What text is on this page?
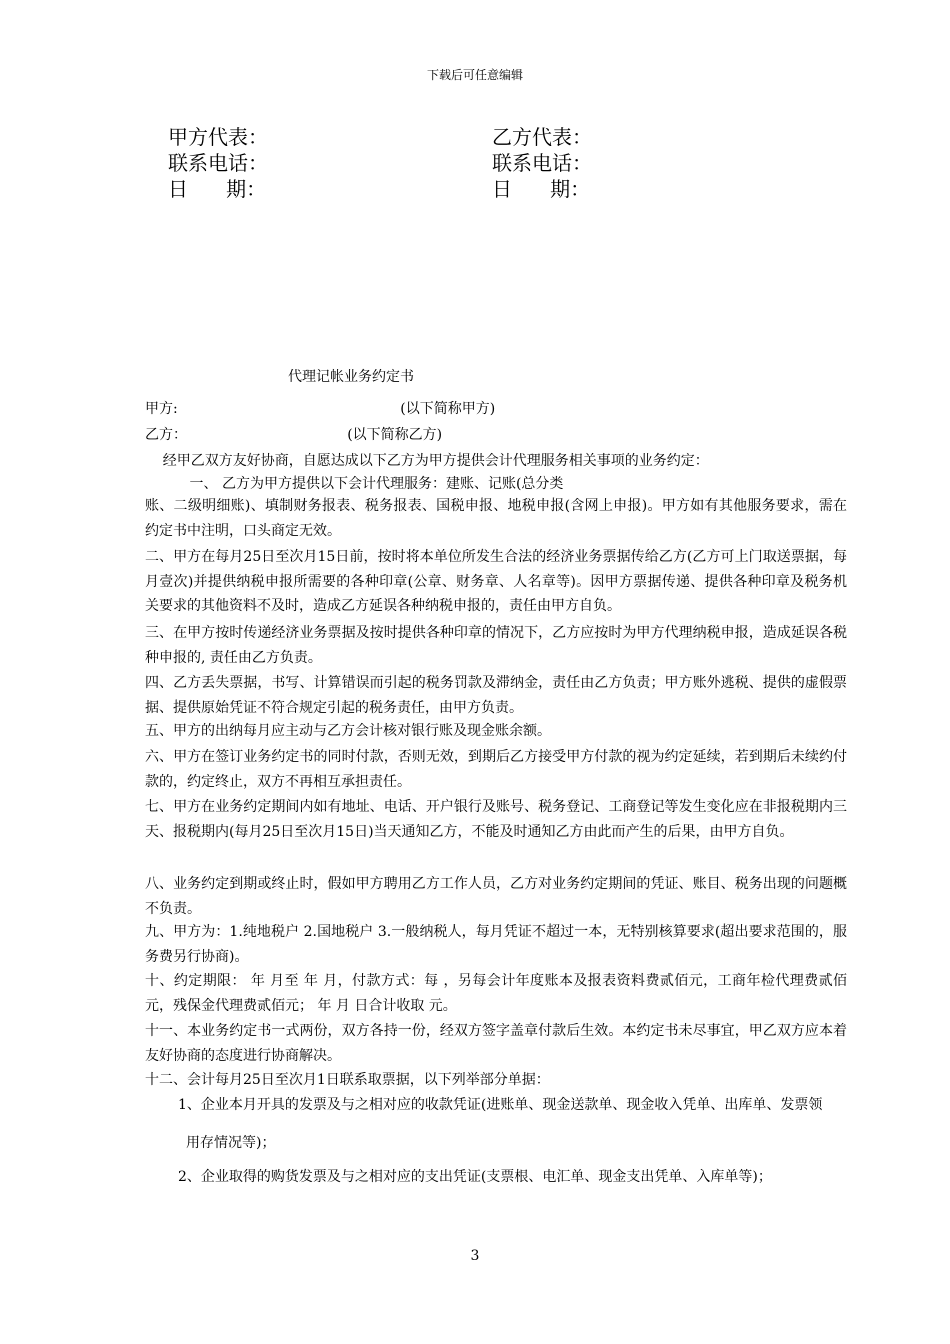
下载后可任意编辑
甲方代表：
联系电话：
日      期：
乙方代表：
联系电话：
日      期：
代理记帐业务约定书
甲方:                                                  (以下简称甲方)
乙方：                                    (以下简称乙方)
经甲乙双方友好协商，自愿达成以下乙方为甲方提供会计代理服务相关事项的业务约定：
一、 乙方为甲方提供以下会计代理服务：建账、记账(总分类
账、二级明细账)、填制财务报表、税务报表、国税申报、地税申报(含网上申报)。甲方如有其他服务要求，需在约定书中注明，口头商定无效。
二、甲方在每月25日至次月15日前，按时将本单位所发生合法的经济业务票据传给乙方(乙方可上门取送票据，每月壹次)并提供纳税申报所需要的各种印章(公章、财务章、人名章等)。因甲方票据传递、提供各种印章及税务机关要求的其他资料不及时，造成乙方延误各种纳税申报的，责任由甲方自负。
三、在甲方按时传递经济业务票据及按时提供各种印章的情况下，乙方应按时为甲方代理纳税申报，造成延误各税种申报的, 责任由乙方负责。
四、乙方丢失票据，书写、计算错误而引起的税务罚款及滞纳金，责任由乙方负责；甲方账外逃税、提供的虚假票据、提供原始凭证不符合规定引起的税务责任，由甲方负责。
五、甲方的出纳每月应主动与乙方会计核对银行账及现金账余额。
六、甲方在签订业务约定书的同时付款，否则无效，到期后乙方接受甲方付款的视为约定延续，若到期后未续约付款的，约定终止，双方不再相互承担责任。
七、甲方在业务约定期间内如有地址、电话、开户银行及账号、税务登记、工商登记等发生变化应在非报税期内三天、报税期内(每月25日至次月15日)当天通知乙方，不能及时通知乙方由此而产生的后果，由甲方自负。
八、业务约定到期或终止时，假如甲方聘用乙方工作人员，乙方对业务约定期间的凭证、账目、税务出现的问题概不负责。
九、甲方为：1.纯地税户 2.国地税户 3.一般纳税人，每月凭证不超过一本，无特别核算要求(超出要求范围的，服务费另行协商)。
十、约定期限： 年 月至 年 月，付款方式：每 ，另每会计年度账本及报表资料费贰佰元，工商年检代理费贰佰元，残保金代理费贰佰元； 年 月 日合计收取 元。
十一、本业务约定书一式两份，双方各持一份，经双方签字盖章付款后生效。本约定书未尽事宜，甲乙双方应本着友好协商的态度进行协商解决。
十二、会计每月25日至次月1日联系取票据，以下列举部分单据：
1、企业本月开具的发票及与之相对应的收款凭证(进账单、现金送款单、现金收入凭单、出库单、发票领
用存情况等)；
2、企业取得的购货发票及与之相对应的支出凭证(支票根、电汇单、现金支出凭单、入库单等)；
3
